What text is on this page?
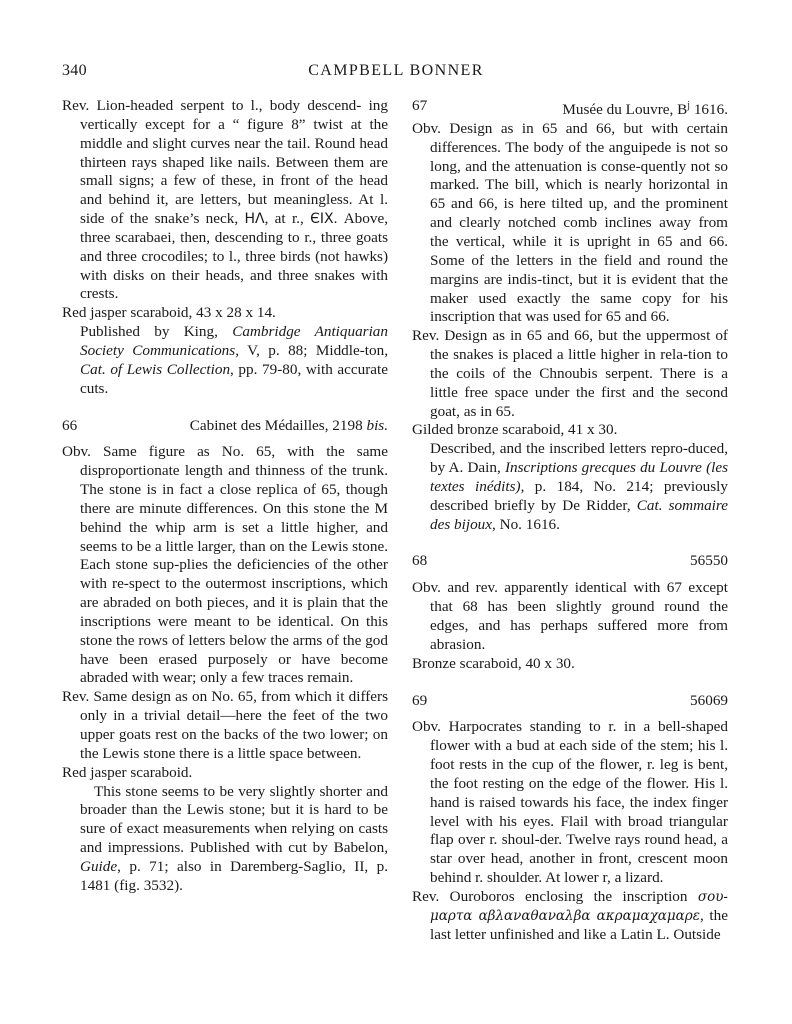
340	CAMPBELL BONNER

Rev. Lion-headed serpent to l., body descend- ing vertically except for a “ figure 8” twist at the middle and slight curves near the tail. Round head thirteen rays shaped like nails. Between them are small signs; a few of these, in front of the head and behind it, are letters, but meaningless. At l. side of the snake’s neck, ΗΛ, at r., ЄΙΧ. Above, three scarabaei, then, descending to r., three goats and three crocodiles; to l., three birds (not hawks) with disks on their heads, and three snakes with crests.

Red jasper scaraboid, 43 x 28 x 14.

Published by King, Cambridge Antiquarian Society Communications, V, p. 88; Middle-ton, Cat. of Lewis Collection, pp. 79-80, with accurate cuts.

66	Cabinet des Médailles, 2198 bis.

Obv. Same figure as No. 65, with the same disproportionate length and thinness of the trunk. The stone is in fact a close replica of 65, though there are minute differences. On this stone the M behind the whip arm is set a little higher, and seems to be a little larger, than on the Lewis stone. Each stone sup-plies the deficiencies of the other with re-spect to the outermost inscriptions, which are abraded on both pieces, and it is plain that the inscriptions were meant to be identical. On this stone the rows of letters below the arms of the god have been erased purposely or have become abraded with wear; only a few traces remain.

Rev. Same design as on No. 65, from which it differs only in a trivial detail—here the feet of the two upper goats rest on the backs of the two lower; on the Lewis stone there is a little space between.

Red jasper scaraboid.

This stone seems to be very slightly shorter and broader than the Lewis stone; but it is hard to be sure of exact measurements when relying on casts and impressions. Published with cut by Babelon, Guide, p. 71; also in Daremberg-Saglio, II, p. 1481 (fig. 3532).

67	Musée du Louvre, $B^j$ 1616.

Obv. Design as in 65 and 66, but with certain differences. The body of the anguipede is not so long, and the attenuation is conse-quently not so marked. The bill, which is nearly horizontal in 65 and 66, is here tilted up, and the prominent and clearly notched comb inclines away from the vertical, while it is upright in 65 and 66. Some of the letters in the field and round the margins are indis-tinct, but it is evident that the maker used exactly the same copy for his inscription that was used for 65 and 66.

Rev. Design as in 65 and 66, but the uppermost of the snakes is placed a little higher in rela-tion to the coils of the Chnoubis serpent. There is a little free space under the first and the second goat, as in 65.

Gilded bronze scaraboid, 41 x 30.

Described, and the inscribed letters repro-duced, by A. Dain, Inscriptions grecques du Louvre (les textes inédits), p. 184, No. 214; previously described briefly by De Ridder, Cat. sommaire des bijoux, No. 1616.

68	56550

Obv. and rev. apparently identical with 67 except that 68 has been slightly ground round the edges, and has perhaps suffered more from abrasion.

Bronze scaraboid, 40 x 30.

69	56069

Obv. Harpocrates standing to r. in a bell-shaped flower with a bud at each side of the stem; his l. foot rests in the cup of the flower, r. leg is bent, the foot resting on the edge of the flower. His l. hand is raised towards his face, the index finger level with his eyes. Flail with broad triangular flap over r. shoul-der. Twelve rays round head, a star over head, another in front, crescent moon behind r. shoulder. At lower r, a lizard.

Rev. Ouroboros enclosing the inscription σου-μαρτα αβλαναθαναλβα ακραμαχαμαρε, the last letter unfinished and like a Latin L. Outside
